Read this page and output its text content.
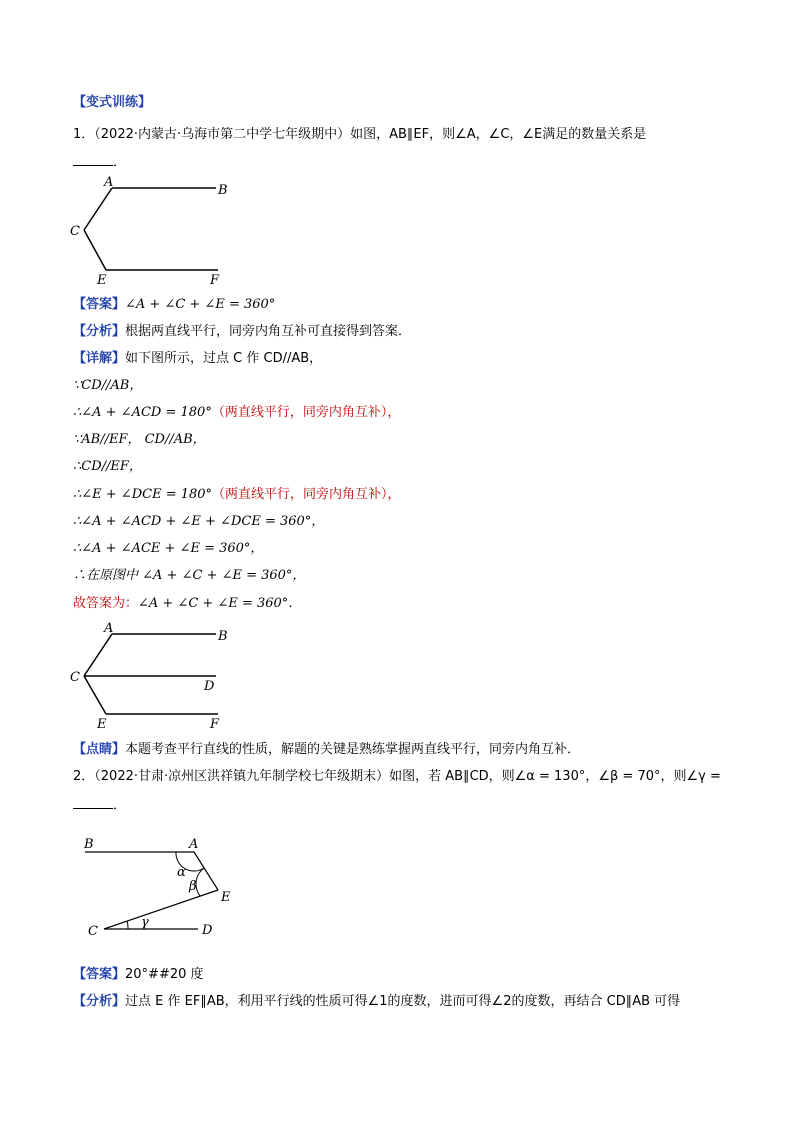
【变式训练】
1．（2022·内蒙古·乌海市第二中学七年级期中）如图，AB∥EF，则∠A，∠C，∠E满足的数量关系是
．
A
B
C
E	F
【答案】∠A + ∠C + ∠E = 360°
【分析】根据两直线平行，同旁内角互补可直接得到答案．
【详解】如下图所示，过点 C 作 CD//AB，
∵CD//AB，
∴∠A + ∠ACD = 180°（两直线平行，同旁内角互补），
∵AB//EF， CD//AB，
∴CD//EF，
∴∠E + ∠DCE = 180°（两直线平行，同旁内角互补），
∴∠A + ∠ACD + ∠E + ∠DCE = 360°，
∴∠A + ∠ACE + ∠E = 360°，
∴在原图中 ∠A + ∠C + ∠E = 360°，
故答案为：∠A + ∠C + ∠E = 360°．
A
B
C
D
E	F
【点睛】本题考查平行直线的性质，解题的关键是熟练掌握两直线平行，同旁内角互补．
2．（2022·甘肃·凉州区洪祥镇九年制学校七年级期末）如图，若 AB∥CD，则∠α = 130°，∠β = 70°，则∠γ =
．
B	A
E
C	D
α
β
γ
【答案】20°##20 度
【分析】过点 E 作 EF∥AB，利用平行线的性质可得∠1的度数，进而可得∠2的度数，再结合 CD∥AB 可得
